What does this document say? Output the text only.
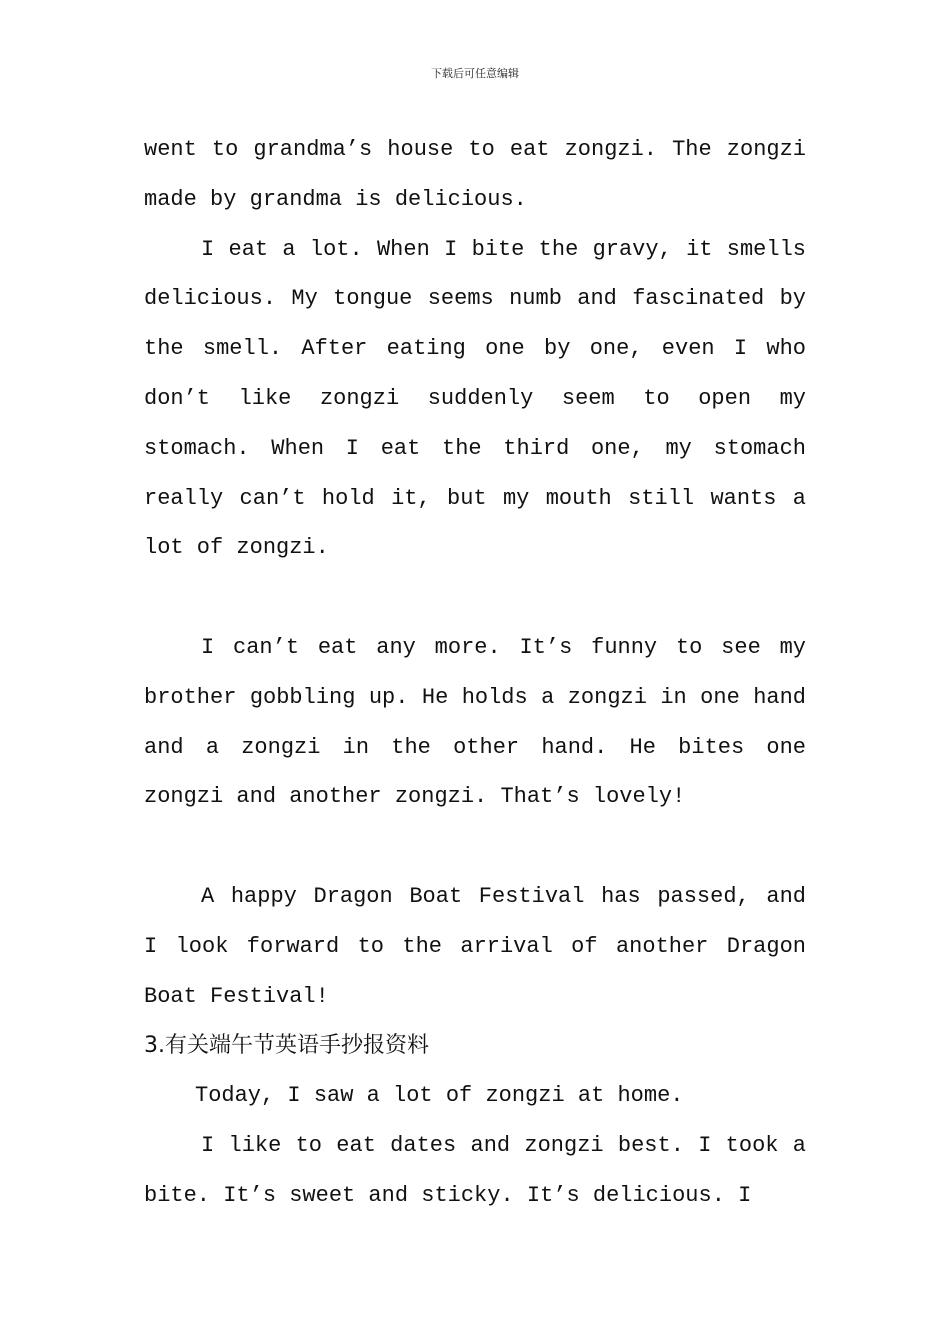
下载后可任意编辑

went to grandma’s house to eat zongzi. The zongzi made by grandma is delicious.

I eat a lot. When I bite the gravy, it smells delicious. My tongue seems numb and fascinated by the smell. After eating one by one, even I who don’t like zongzi suddenly seem to open my stomach. When I eat the third one, my stomach really can’t hold it, but my mouth still wants a lot of zongzi.

I can’t eat any more. It’s funny to see my brother gobbling up. He holds a zongzi in one hand and a zongzi in the other hand. He bites one zongzi and another zongzi. That’s lovely!

A happy Dragon Boat Festival has passed, and I look forward to the arrival of another Dragon Boat Festival!

3.有关端午节英语手抄报资料

Today, I saw a lot of zongzi at home.

I like to eat dates and zongzi best. I took a bite. It’s sweet and sticky. It’s delicious. I
